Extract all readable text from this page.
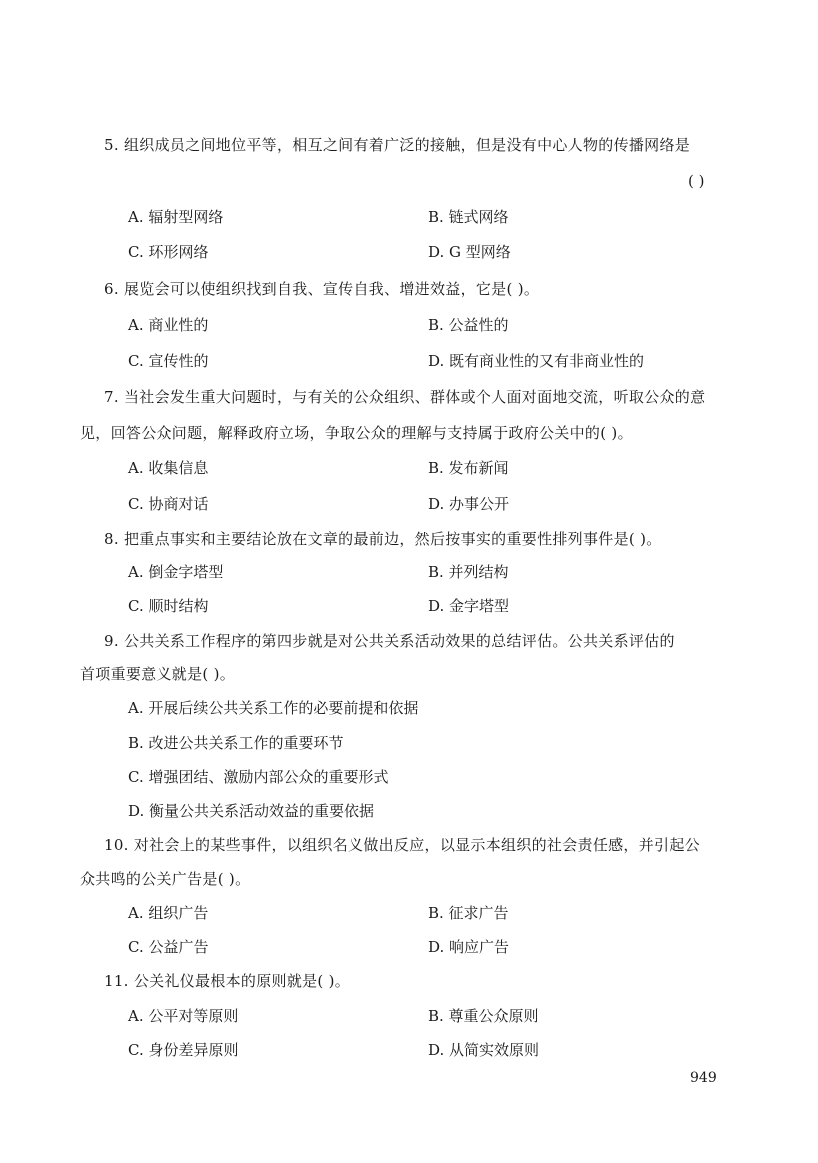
5. 组织成员之间地位平等，相互之间有着广泛的接触，但是没有中心人物的传播网络是
( )
A. 辐射型网络	B. 链式网络
C. 环形网络	D. G 型网络
6. 展览会可以使组织找到自我、宣传自我、增进效益，它是( )。
A. 商业性的	B. 公益性的
C. 宣传性的	D. 既有商业性的又有非商业性的
7. 当社会发生重大问题时，与有关的公众组织、群体或个人面对面地交流，听取公众的意
见，回答公众问题，解释政府立场，争取公众的理解与支持属于政府公关中的( )。
A. 收集信息	B. 发布新闻
C. 协商对话	D. 办事公开
8. 把重点事实和主要结论放在文章的最前边，然后按事实的重要性排列事件是( )。
A. 倒金字塔型	B. 并列结构
C. 顺时结构	D. 金字塔型
9. 公共关系工作程序的第四步就是对公共关系活动效果的总结评估。公共关系评估的
首项重要意义就是( )。
A. 开展后续公共关系工作的必要前提和依据
B. 改进公共关系工作的重要环节
C. 增强团结、激励内部公众的重要形式
D. 衡量公共关系活动效益的重要依据
10. 对社会上的某些事件，以组织名义做出反应，以显示本组织的社会责任感，并引起公
众共鸣的公关广告是( )。
A. 组织广告	B. 征求广告
C. 公益广告	D. 响应广告
11. 公关礼仪最根本的原则就是( )。
A. 公平对等原则	B. 尊重公众原则
C. 身份差异原则	D. 从简实效原则
949
